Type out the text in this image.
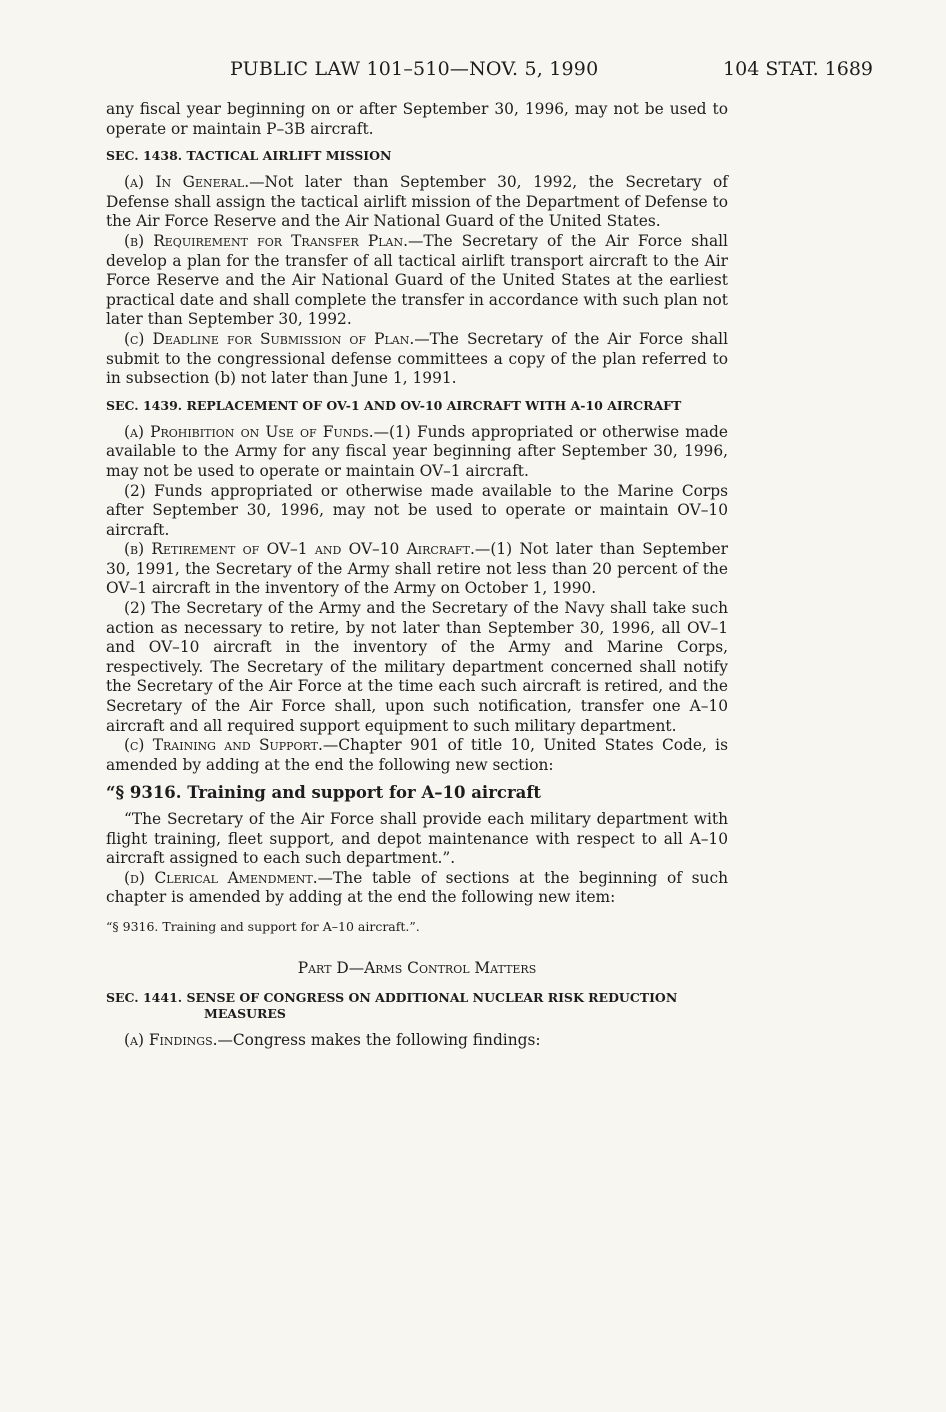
PUBLIC LAW 101–510—NOV. 5, 1990	104 STAT. 1689

any fiscal year beginning on or after September 30, 1996, may not be used to operate or maintain P–3B aircraft.

SEC. 1438. TACTICAL AIRLIFT MISSION

(a) In General.—Not later than September 30, 1992, the Secretary of Defense shall assign the tactical airlift mission of the Department of Defense to the Air Force Reserve and the Air National Guard of the United States.

(b) Requirement for Transfer Plan.—The Secretary of the Air Force shall develop a plan for the transfer of all tactical airlift transport aircraft to the Air Force Reserve and the Air National Guard of the United States at the earliest practical date and shall complete the transfer in accordance with such plan not later than September 30, 1992.

(c) Deadline for Submission of Plan.—The Secretary of the Air Force shall submit to the congressional defense committees a copy of the plan referred to in subsection (b) not later than June 1, 1991.

SEC. 1439. REPLACEMENT OF OV-1 AND OV-10 AIRCRAFT WITH A-10 AIRCRAFT

(a) Prohibition on Use of Funds.—(1) Funds appropriated or otherwise made available to the Army for any fiscal year beginning after September 30, 1996, may not be used to operate or maintain OV–1 aircraft.

(2) Funds appropriated or otherwise made available to the Marine Corps after September 30, 1996, may not be used to operate or maintain OV–10 aircraft.

(b) Retirement of OV–1 and OV–10 Aircraft.—(1) Not later than September 30, 1991, the Secretary of the Army shall retire not less than 20 percent of the OV–1 aircraft in the inventory of the Army on October 1, 1990.

(2) The Secretary of the Army and the Secretary of the Navy shall take such action as necessary to retire, by not later than September 30, 1996, all OV–1 and OV–10 aircraft in the inventory of the Army and Marine Corps, respectively. The Secretary of the military department concerned shall notify the Secretary of the Air Force at the time each such aircraft is retired, and the Secretary of the Air Force shall, upon such notification, transfer one A–10 aircraft and all required support equipment to such military department.

(c) Training and Support.—Chapter 901 of title 10, United States Code, is amended by adding at the end the following new section:

“§ 9316. Training and support for A–10 aircraft

“The Secretary of the Air Force shall provide each military department with flight training, fleet support, and depot maintenance with respect to all A–10 aircraft assigned to each such department.”.

(d) Clerical Amendment.—The table of sections at the beginning of such chapter is amended by adding at the end the following new item:

“§ 9316. Training and support for A–10 aircraft.”.
Part D—Arms Control Matters
SEC. 1441. SENSE OF CONGRESS ON ADDITIONAL NUCLEAR RISK REDUCTION MEASURES

(a) Findings.—Congress makes the following findings:
